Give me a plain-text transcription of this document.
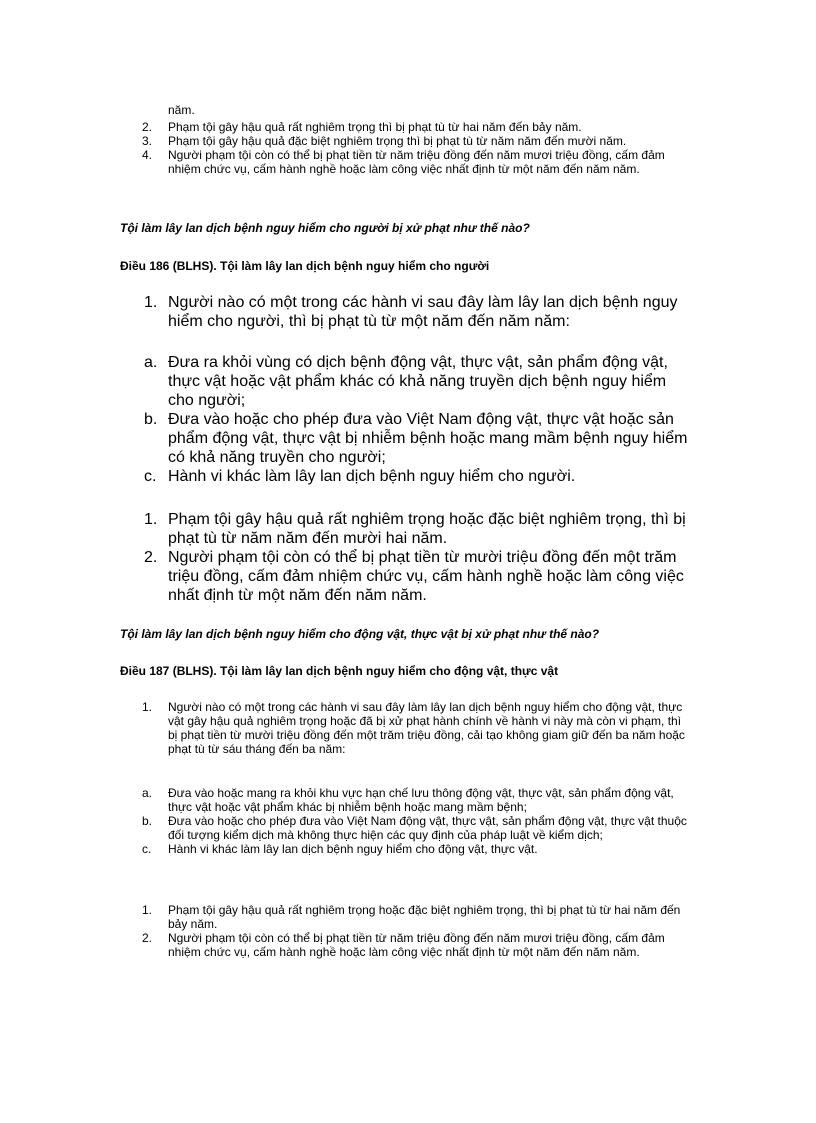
năm.
2. Phạm tội gây hậu quả rất nghiêm trọng thì bị phạt tù từ hai năm đến bảy năm.
3. Phạm tội gây hậu quả đặc biệt nghiêm trọng thì bị phạt tù từ năm năm đến mười năm.
4. Người phạm tội còn có thể bị phạt tiền từ năm triệu đồng đến năm mươi triệu đồng, cấm đảm nhiệm chức vụ, cấm hành nghề hoặc làm công việc nhất định từ một năm đến năm năm.

Tội làm lây lan dịch bệnh nguy hiểm cho người bị xử phạt như thế nào?

Điều 186 (BLHS). Tội làm lây lan dịch bệnh nguy hiểm cho người

1. Người nào có một trong các hành vi sau đây làm lây lan dịch bệnh nguy hiểm cho người, thì bị phạt tù từ một năm đến năm năm:
a. Đưa ra khỏi vùng có dịch bệnh động vật, thực vật, sản phẩm động vật, thực vật hoặc vật phẩm khác có khả năng truyền dịch bệnh nguy hiểm cho người;
b. Đưa vào hoặc cho phép đưa vào Việt Nam động vật, thực vật hoặc sản phẩm động vật, thực vật bị nhiễm bệnh hoặc mang mầm bệnh nguy hiểm có khả năng truyền cho người;
c. Hành vi khác làm lây lan dịch bệnh nguy hiểm cho người.
1. Phạm tội gây hậu quả rất nghiêm trọng hoặc đặc biệt nghiêm trọng, thì bị phạt tù từ năm năm đến mười hai năm.
2. Người phạm tội còn có thể bị phạt tiền từ mười triệu đồng đến một trăm triệu đồng, cấm đảm nhiệm chức vụ, cấm hành nghề hoặc làm công việc nhất định từ một năm đến năm năm.

Tội làm lây lan dịch bệnh nguy hiểm cho động vật, thực vật bị xử phạt như thế nào?

Điều 187 (BLHS). Tội làm lây lan dịch bệnh nguy hiểm cho động vật, thực vật

1. Người nào có một trong các hành vi sau đây làm lây lan dịch bệnh nguy hiểm cho động vật, thực vật gây hậu quả nghiêm trọng hoặc đã bị xử phạt hành chính về hành vi này mà còn vi phạm, thì bị phạt tiền từ mười triệu đồng đến một trăm triệu đồng, cải tạo không giam giữ đến ba năm hoặc phạt tù từ sáu tháng đến ba năm:
a. Đưa vào hoặc mang ra khỏi khu vực hạn chế lưu thông động vật, thực vật, sản phẩm động vật, thực vật hoặc vật phẩm khác bị nhiễm bệnh hoặc mang mầm bệnh;
b. Đưa vào hoặc cho phép đưa vào Việt Nam động vật, thực vật, sản phẩm động vật, thực vật thuộc đối tượng kiểm dịch mà không thực hiện các quy định của pháp luật về kiểm dịch;
c. Hành vi khác làm lây lan dịch bệnh nguy hiểm cho động vật, thực vật.
1. Phạm tội gây hậu quả rất nghiêm trọng hoặc đặc biệt nghiêm trọng, thì bị phạt tù từ hai năm đến bảy năm.
2. Người phạm tội còn có thể bị phạt tiền từ năm triệu đồng đến năm mươi triệu đồng, cấm đảm nhiệm chức vụ, cấm hành nghề hoặc làm công việc nhất định từ một năm đến năm năm.
